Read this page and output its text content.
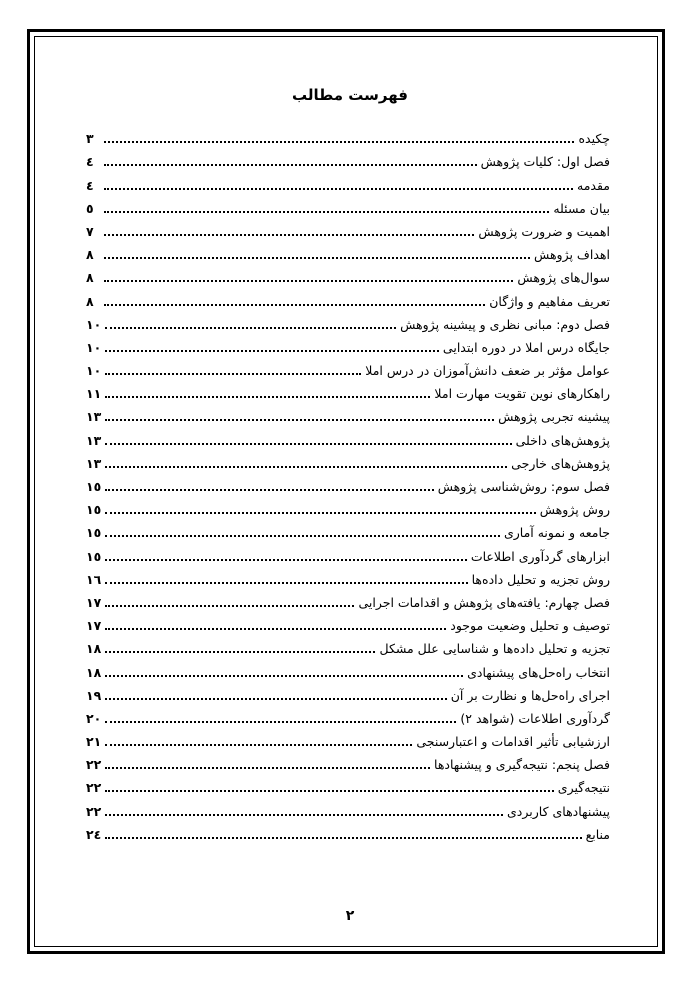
فهرست مطالب
چکیده
۳
فصل اول: کلیات پژوهش
٤
مقدمه
٤
بیان مسئله
٥
اهمیت و ضرورت پژوهش
۷
اهداف پژوهش
۸
سوال‌های پژوهش
۸
تعریف مفاهیم و واژگان
۸
فصل دوم: مبانی نظری و پیشینه پژوهش
۱۰
جایگاه درس املا در دوره ابتدایی
۱۰
عوامل مؤثر بر ضعف دانش‌آموزان در درس املا
۱۰
راهکارهای نوین تقویت مهارت املا
۱۱
پیشینه تجربی پژوهش
۱۳
پژوهش‌های داخلی
۱۳
پژوهش‌های خارجی
۱۳
فصل سوم: روش‌شناسی پژوهش
۱٥
روش پژوهش
۱٥
جامعه و نمونه آماری
۱٥
ابزارهای گردآوری اطلاعات
۱٥
روش تجزیه و تحلیل داده‌ها
۱٦
فصل چهارم: یافته‌های پژوهش و اقدامات اجرایی
۱۷
توصیف و تحلیل وضعیت موجود
۱۷
تجزیه و تحلیل داده‌ها و شناسایی علل مشکل
۱۸
انتخاب راه‌حل‌های پیشنهادی
۱۸
اجرای راه‌حل‌ها و نظارت بر آن
۱۹
گردآوری اطلاعات (شواهد ۲)
۲۰
ارزشیابی تأثیر اقدامات و اعتبارسنجی
۲۱
فصل پنجم: نتیجه‌گیری و پیشنهادها
۲۲
نتیجه‌گیری
۲۲
پیشنهادهای کاربردی
۲۲
منابع
۲٤
۲
